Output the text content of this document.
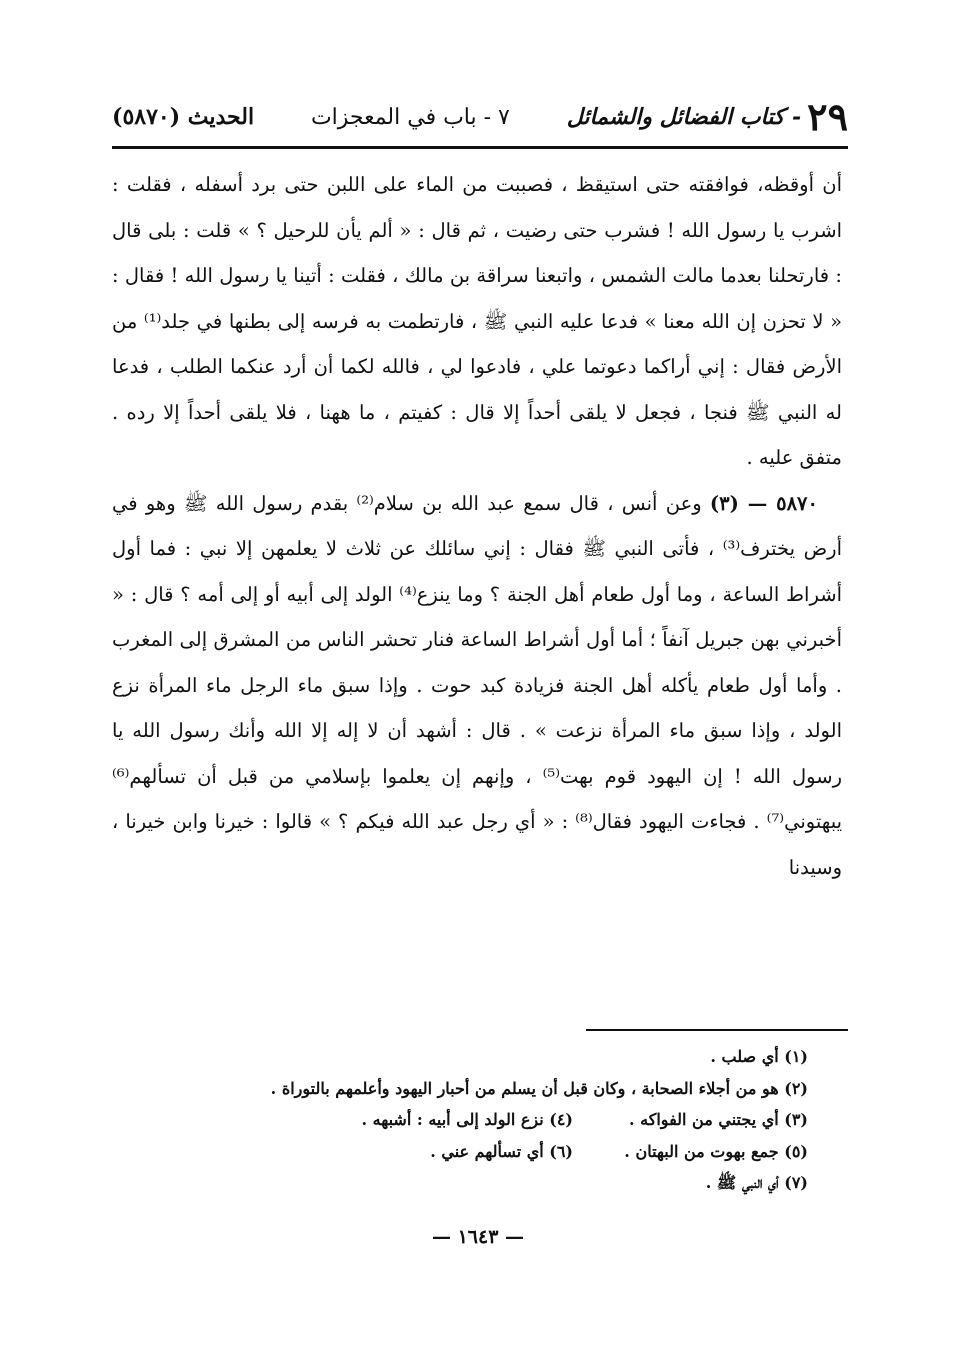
٢٩
- كتاب الفضائل والشمائل
٧ - باب في المعجزات
الحديث (٥٨٧٠)

أن أوقظه، فوافقته حتى استيقظ ، فصببت من الماء على اللبن حتى برد أسفله ، فقلت : اشرب يا رسول الله ! فشرب حتى رضيت ، ثم قال : « ألم يأن للرحيل ؟ » قلت : بلى قال : فارتحلنا بعدما مالت الشمس ، واتبعنا سراقة بن مالك ، فقلت : أتينا يا رسول الله ! فقال : « لا تحزن إن الله معنا » فدعا عليه النبي ﷺ ، فارتطمت به فرسه إلى بطنها في جلد⁽¹⁾ من الأرض فقال : إني أراكما دعوتما علي ، فادعوا لي ، فالله لكما أن أرد عنكما الطلب ، فدعا له النبي ﷺ فنجا ، فجعل لا يلقى أحداً إلا قال : كفيتم ، ما ههنا ، فلا يلقى أحداً إلا رده . متفق عليه .

٥٨٧٠ — (٣) وعن أنس ، قال سمع عبد الله بن سلام⁽²⁾ بقدم رسول الله ﷺ وهو في أرض يخترف⁽³⁾ ، فأتى النبي ﷺ فقال : إني سائلك عن ثلاث لا يعلمهن إلا نبي : فما أول أشراط الساعة ، وما أول طعام أهل الجنة ؟ وما ينزع⁽⁴⁾ الولد إلى أبيه أو إلى أمه ؟ قال : « أخبرني بهن جبريل آنفاً ؛ أما أول أشراط الساعة فنار تحشر الناس من المشرق إلى المغرب . وأما أول طعام يأكله أهل الجنة فزيادة كبد حوت . وإذا سبق ماء الرجل ماء المرأة نزع الولد ، وإذا سبق ماء المرأة نزعت » . قال : أشهد أن لا إله إلا الله وأنك رسول الله يا رسول الله ! إن اليهود قوم بهت⁽⁵⁾ ، وإنهم إن يعلموا بإسلامي من قبل أن تسألهم⁽⁶⁾ يبهتوني⁽⁷⁾ . فجاءت اليهود فقال⁽⁸⁾ : « أي رجل عبد الله فيكم ؟ » قالوا : خيرنا وابن خيرنا ، وسيدنا

(١) أي صلب .
(٢) هو من أجلاء الصحابة ، وكان قبل أن يسلم من أحبار اليهود وأعلمهم بالتوراة .
(٣) أي يجتني من الفواكه .
(٤) نزع الولد إلى أبيه : أشبهه .
(٥) جمع بهوت من البهتان .
(٦) أي تسألهم عني .
(٧) أي النبي ﷺ .
— ١٦٤٣ —
